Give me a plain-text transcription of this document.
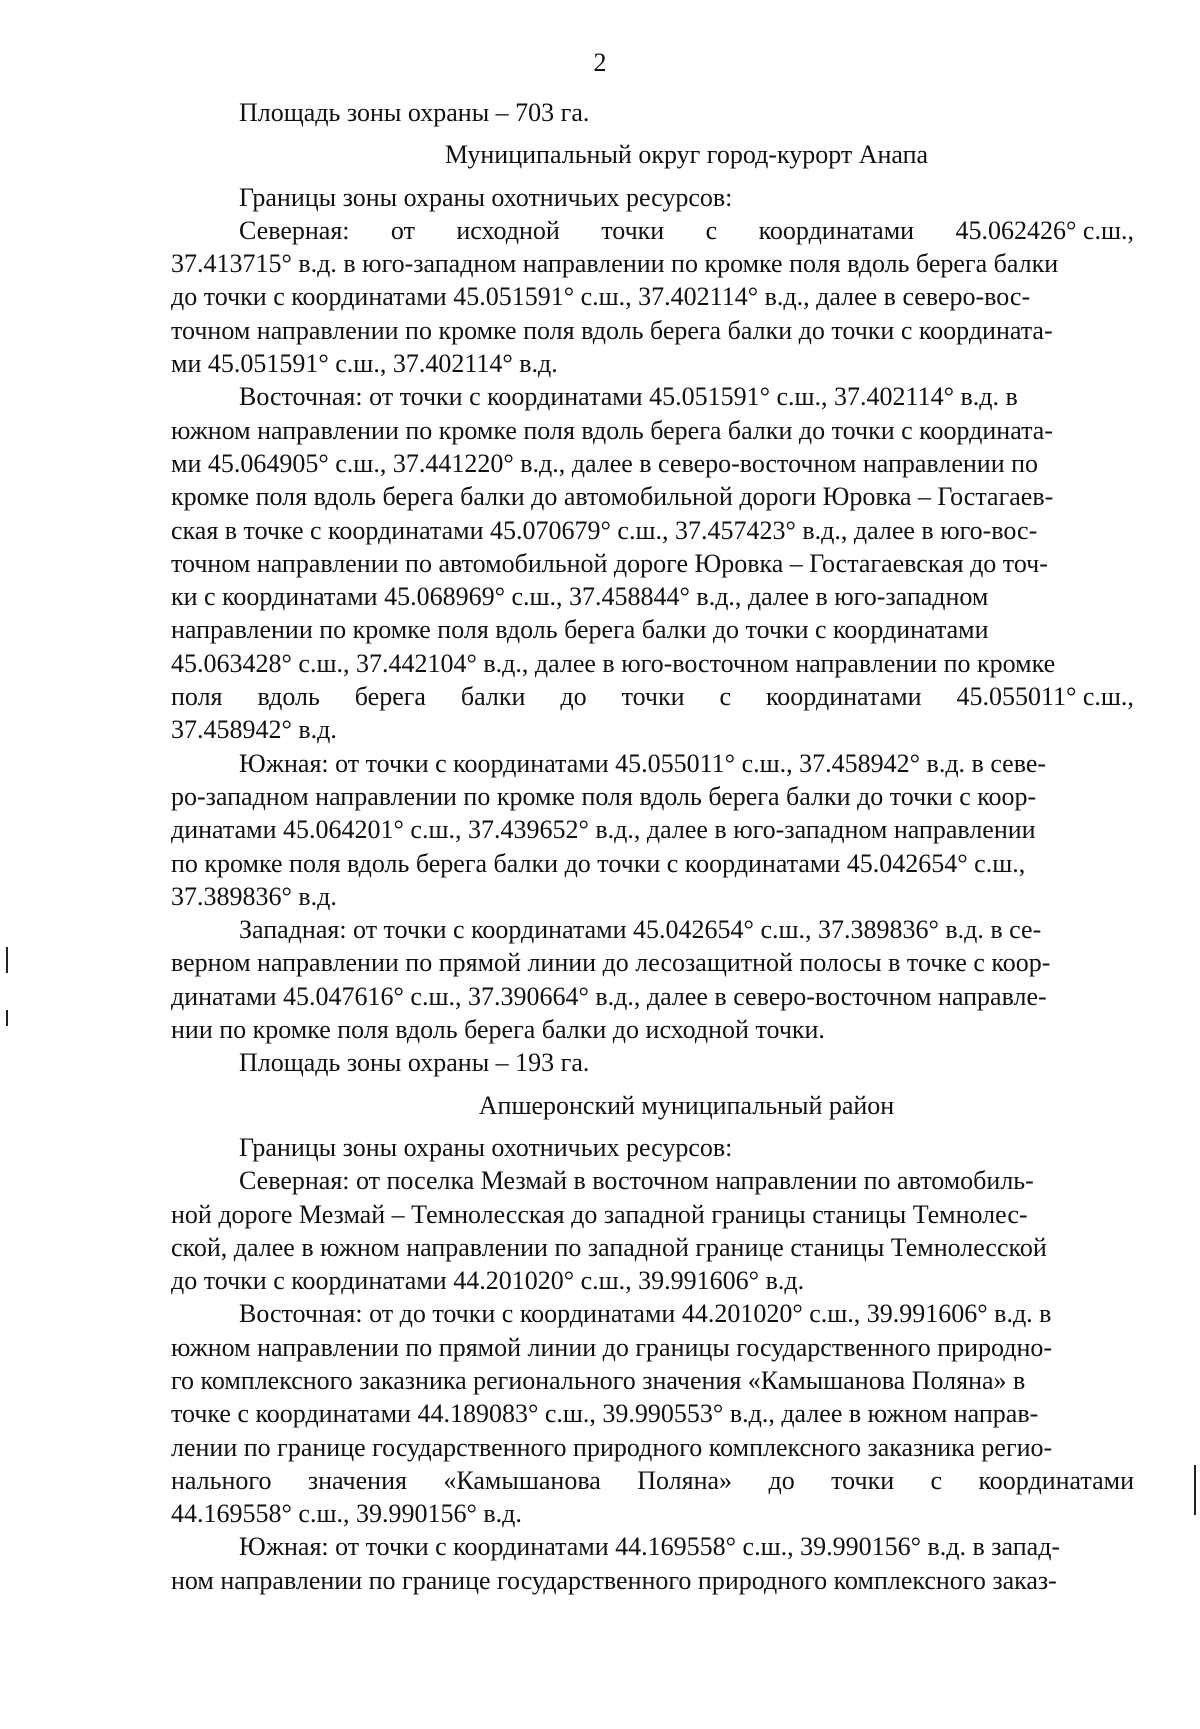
2
Площадь зоны охраны – 703 га.
Муниципальный округ город-курорт Анапа
Границы зоны охраны охотничьих ресурсов:
Северная: от исходной точки с координатами 45.062426° с.ш.,
37.413715° в.д. в юго-западном направлении по кромке поля вдоль берега балки
до точки с координатами 45.051591° с.ш., 37.402114° в.д., далее в северо-вос-
точном направлении по кромке поля вдоль берега балки до точки с координата-
ми 45.051591° с.ш., 37.402114° в.д.
Восточная: от точки с координатами 45.051591° с.ш., 37.402114° в.д. в
южном направлении по кромке поля вдоль берега балки до точки с координата-
ми 45.064905° с.ш., 37.441220° в.д., далее в северо-восточном направлении по
кромке поля вдоль берега балки до автомобильной дороги Юровка – Гостагаев-
ская в точке с координатами 45.070679° с.ш., 37.457423° в.д., далее в юго-вос-
точном направлении по автомобильной дороге Юровка – Гостагаевская до точ-
ки с координатами 45.068969° с.ш., 37.458844° в.д., далее в юго-западном
направлении по кромке поля вдоль берега балки до точки с координатами
45.063428° с.ш., 37.442104° в.д., далее в юго-восточном направлении по кромке
поля вдоль берега балки до точки с координатами 45.055011° с.ш.,
37.458942° в.д.
Южная: от точки с координатами 45.055011° с.ш., 37.458942° в.д. в севе-
ро-западном направлении по кромке поля вдоль берега балки до точки с коор-
динатами 45.064201° с.ш., 37.439652° в.д., далее в юго-западном направлении
по кромке поля вдоль берега балки до точки с координатами 45.042654° с.ш.,
37.389836° в.д.
Западная: от точки с координатами 45.042654° с.ш., 37.389836° в.д. в се-
верном направлении по прямой линии до лесозащитной полосы в точке с коор-
динатами 45.047616° с.ш., 37.390664° в.д., далее в северо-восточном направле-
нии по кромке поля вдоль берега балки до исходной точки.
Площадь зоны охраны – 193 га.
Апшеронский муниципальный район
Границы зоны охраны охотничьих ресурсов:
Северная: от поселка Мезмай в восточном направлении по автомобиль-
ной дороге Мезмай – Темнолесская до западной границы станицы Темнолес-
ской, далее в южном направлении по западной границе станицы Темнолесской
до точки с координатами 44.201020° с.ш., 39.991606° в.д.
Восточная: от до точки с координатами 44.201020° с.ш., 39.991606° в.д. в
южном направлении по прямой линии до границы государственного природно-
го комплексного заказника регионального значения «Камышанова Поляна» в
точке с координатами 44.189083° с.ш., 39.990553° в.д., далее в южном направ-
лении по границе государственного природного комплексного заказника регио-
нального значения «Камышанова Поляна» до точки с координатами
44.169558° с.ш., 39.990156° в.д.
Южная: от точки с координатами 44.169558° с.ш., 39.990156° в.д. в запад-
ном направлении по границе государственного природного комплексного заказ-
